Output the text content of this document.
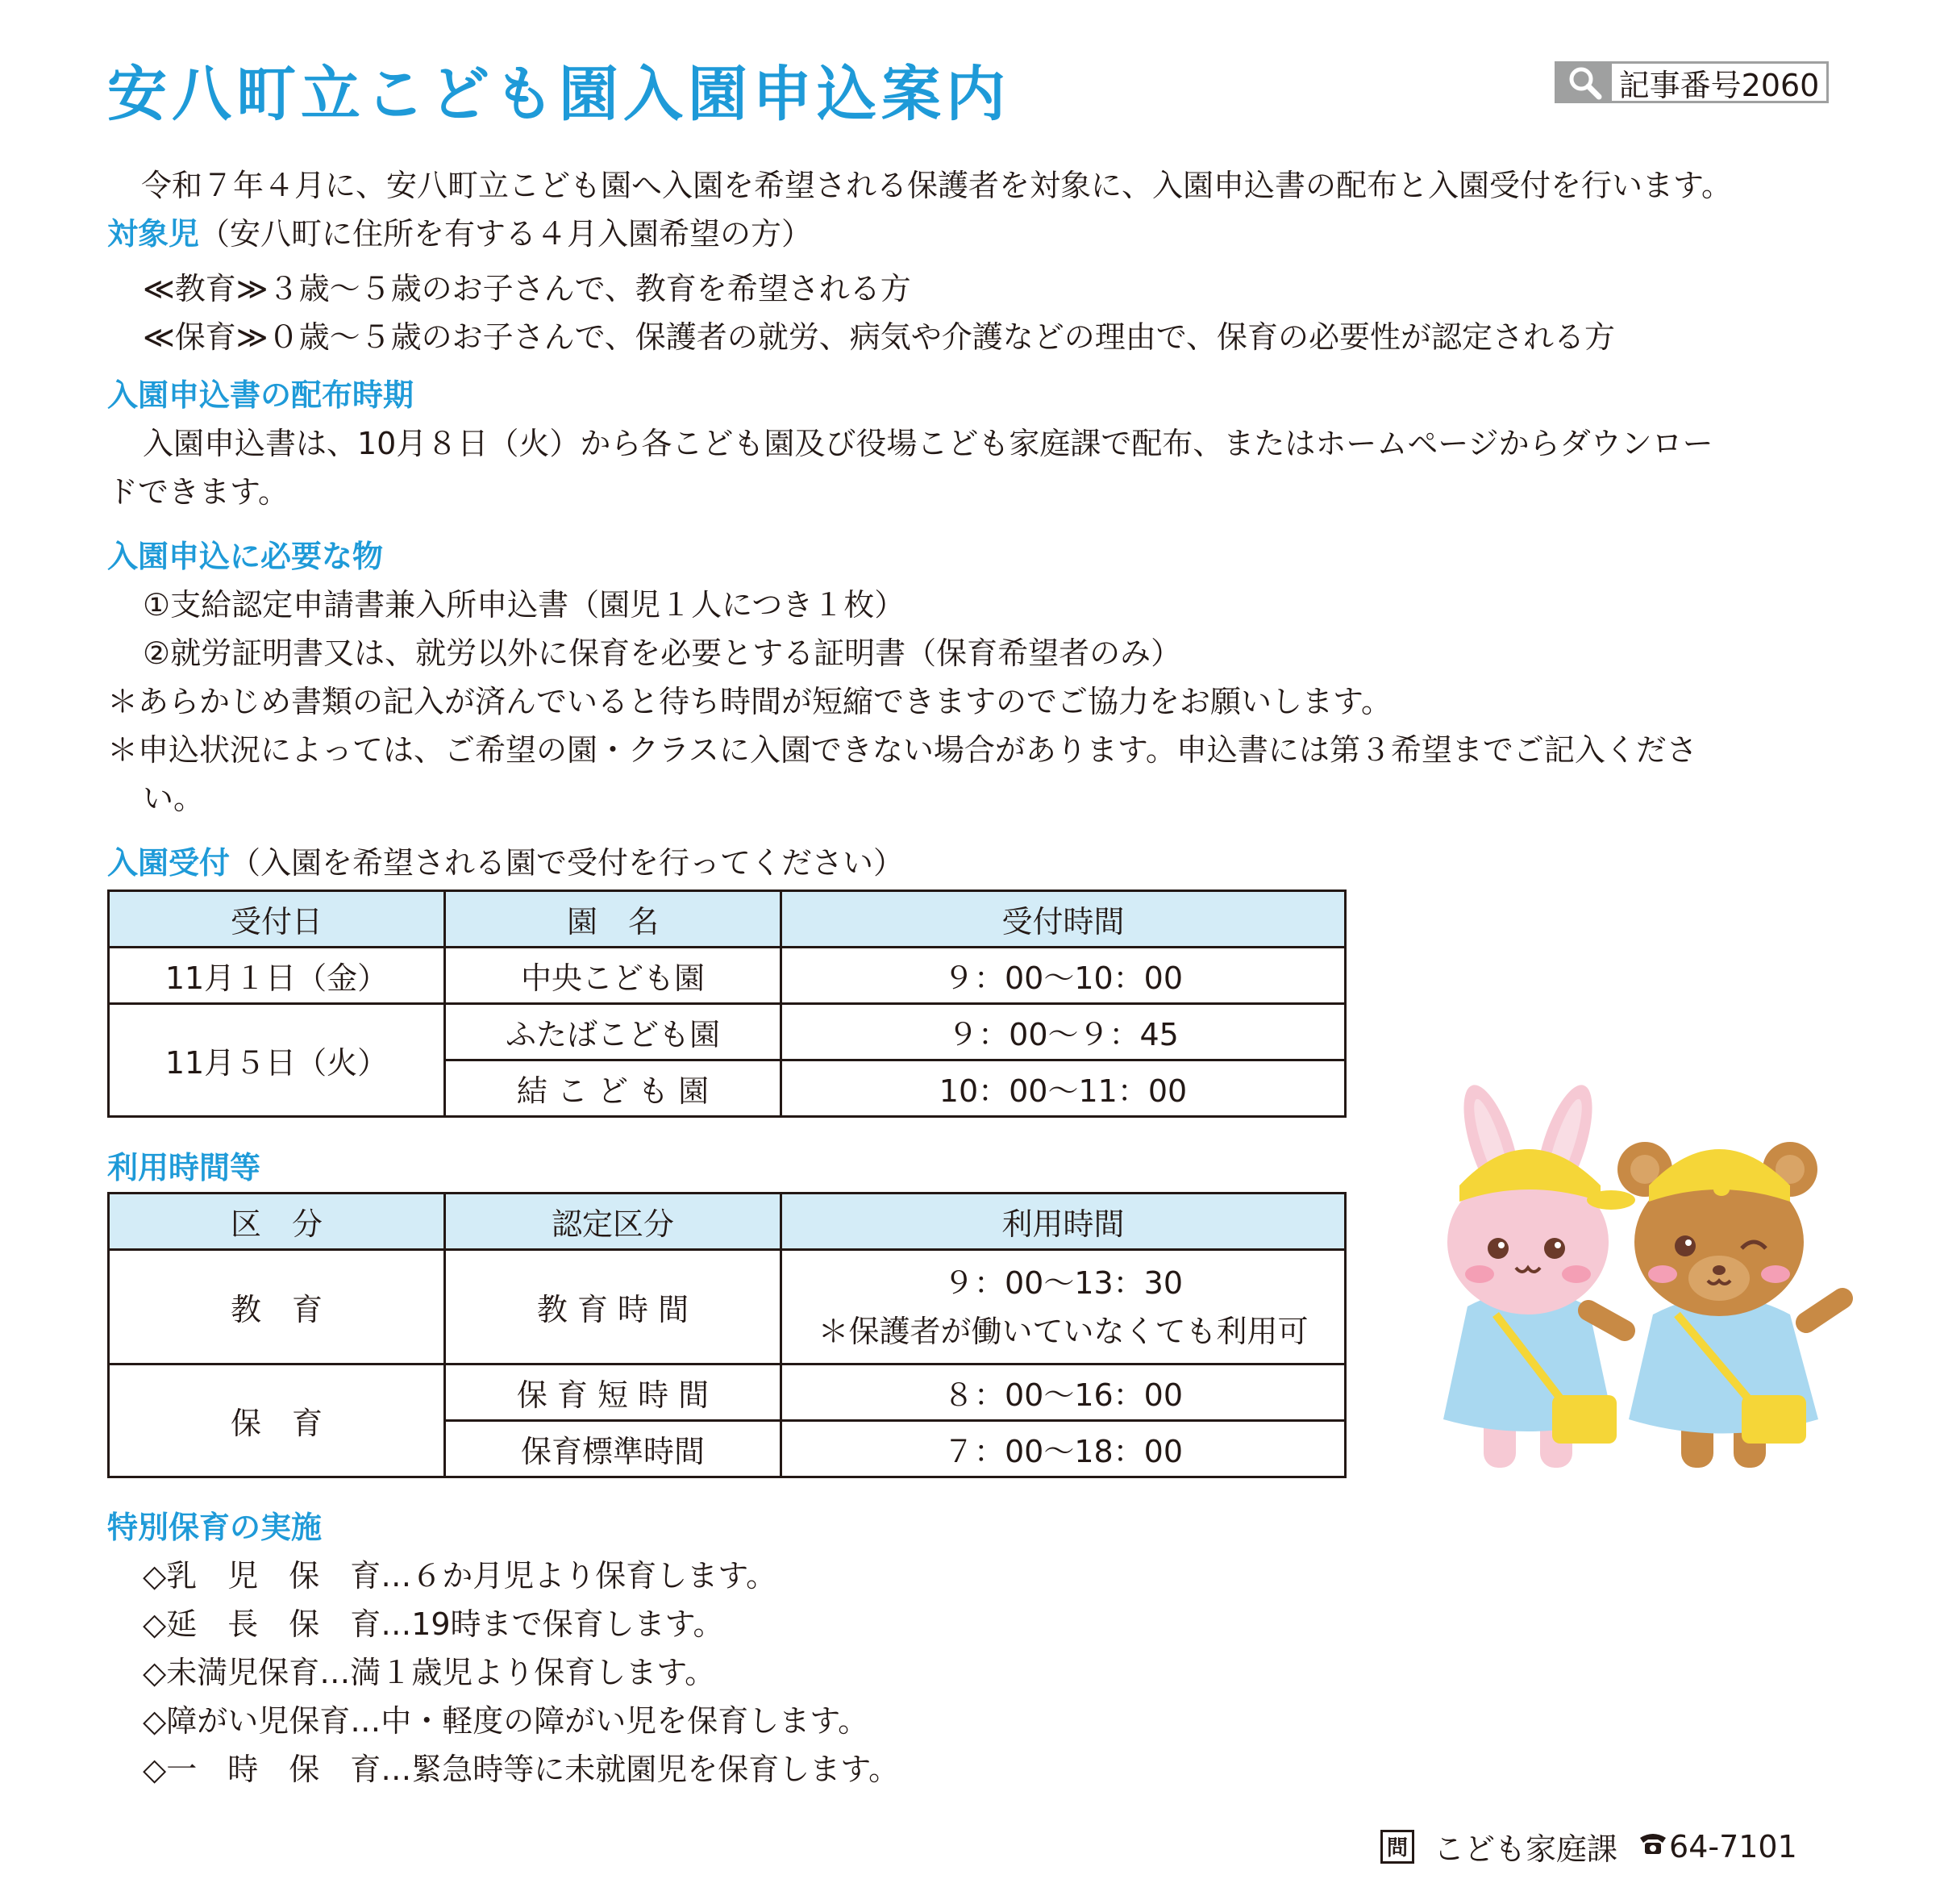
安八町立こども園入園申込案内	記事番号2060
令和７年４月に、安八町立こども園へ入園を希望される保護者を対象に、入園申込書の配布と入園受付を行います。
対象児（安八町に住所を有する４月入園希望の方）
≪教育≫３歳～５歳のお子さんで、教育を希望される方
≪保育≫０歳～５歳のお子さんで、保護者の就労、病気や介護などの理由で、保育の必要性が認定される方
入園申込書の配布時期
入園申込書は、10月８日（火）から各こども園及び役場こども家庭課で配布、またはホームページからダウンロー
ドできます。
入園申込に必要な物
①支給認定申請書兼入所申込書（園児１人につき１枚）
②就労証明書又は、就労以外に保育を必要とする証明書（保育希望者のみ）
＊あらかじめ書類の記入が済んでいると待ち時間が短縮できますのでご協力をお願いします。
＊申込状況によっては、ご希望の園・クラスに入園できない場合があります。申込書には第３希望までご記入くださ
い。
入園受付（入園を希望される園で受付を行ってください）
受付日	園　名	受付時間
11月１日（金）	中央こども園	９：00～10：00
11月５日（火）	ふたばこども園	９：00～９：45
	結 こ ど も 園	10：00～11：00
利用時間等
区　分	認定区分	利用時間
教　育	教 育 時 間	９：00～13：30
＊保護者が働いていなくても利用可

保　育	保 育 短 時 間	８：00～16：00
	保育標準時間	７：00～18：00
特別保育の実施
◇乳　児　保　育…６か月児より保育します。
◇延　長　保　育…19時まで保育します。
◇未満児保育…満１歳児より保育します。
◇障がい児保育…中・軽度の障がい児を保育します。
◇一　時　保　育…緊急時等に未就園児を保育します。
問 こども家庭課	64-7101
